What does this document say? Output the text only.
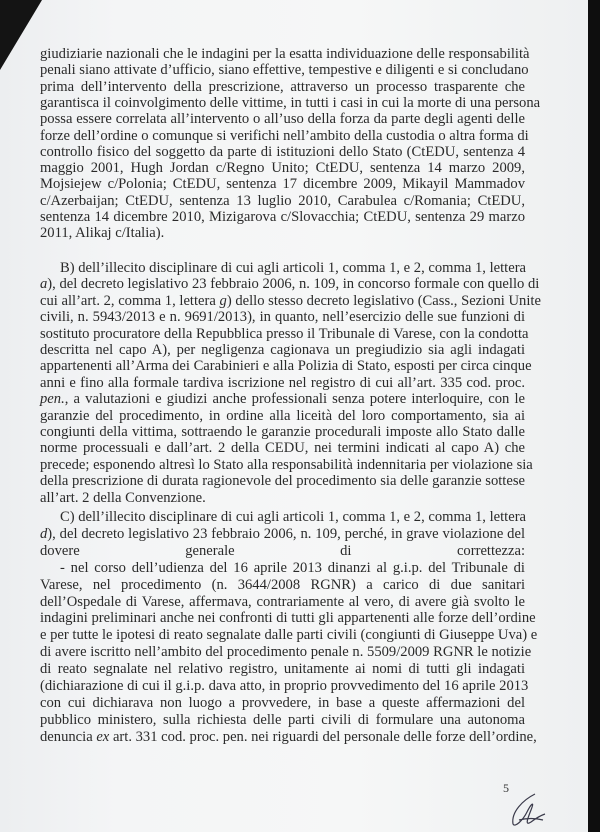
giudiziarie nazionali che le indagini per la esatta individuazione delle responsabilità
penali siano attivate d’ufficio, siano effettive, tempestive e diligenti e si concludano
prima dell’intervento della prescrizione, attraverso un processo trasparente che
garantisca il coinvolgimento delle vittime, in tutti i casi in cui la morte di una persona
possa essere correlata all’intervento o all’uso della forza da parte degli agenti delle
forze dell’ordine o comunque si verifichi nell’ambito della custodia o altra forma di
controllo fisico del soggetto da parte di istituzioni dello Stato (CtEDU, sentenza 4
maggio 2001, Hugh Jordan c/Regno Unito; CtEDU, sentenza 14 marzo 2009,
Mojsiejew c/Polonia; CtEDU, sentenza 17 dicembre 2009, Mikayil Mammadov
c/Azerbaijan; CtEDU, sentenza 13 luglio 2010, Carabulea c/Romania; CtEDU,
sentenza 14 dicembre 2010, Mizigarova c/Slovacchia; CtEDU, sentenza 29 marzo
2011, Alikaj c/Italia).
B) dell’illecito disciplinare di cui agli articoli 1, comma 1, e 2, comma 1, lettera
a), del decreto legislativo 23 febbraio 2006, n. 109, in concorso formale con quello di
cui all’art. 2, comma 1, lettera g) dello stesso decreto legislativo (Cass., Sezioni Unite
civili, n. 5943/2013 e n. 9691/2013), in quanto, nell’esercizio delle sue funzioni di
sostituto procuratore della Repubblica presso il Tribunale di Varese, con la condotta
descritta nel capo A), per negligenza cagionava un pregiudizio sia agli indagati
appartenenti all’Arma dei Carabinieri e alla Polizia di Stato, esposti per circa cinque
anni e fino alla formale tardiva iscrizione nel registro di cui all’art. 335 cod. proc.
pen., a valutazioni e giudizi anche professionali senza potere interloquire, con le
garanzie del procedimento, in ordine alla liceità del loro comportamento, sia ai
congiunti della vittima, sottraendo le garanzie procedurali imposte allo Stato dalle
norme processuali e dall’art. 2 della CEDU, nei termini indicati al capo A) che
precede; esponendo altresì lo Stato alla responsabilità indennitaria per violazione sia
della prescrizione di durata ragionevole del procedimento sia delle garanzie sottese
all’art. 2 della Convenzione.
C) dell’illecito disciplinare di cui agli articoli 1, comma 1, e 2, comma 1, lettera
d), del decreto legislativo 23 febbraio 2006, n. 109, perché, in grave violazione del
dovere generale di correttezza:
- nel corso dell’udienza del 16 aprile 2013 dinanzi al g.i.p. del Tribunale di
Varese, nel procedimento (n. 3644/2008 RGNR) a carico di due sanitari
dell’Ospedale di Varese, affermava, contrariamente al vero, di avere già svolto le
indagini preliminari anche nei confronti di tutti gli appartenenti alle forze dell’ordine
e per tutte le ipotesi di reato segnalate dalle parti civili (congiunti di Giuseppe Uva) e
di avere iscritto nell’ambito del procedimento penale n. 5509/2009 RGNR le notizie
di reato segnalate nel relativo registro, unitamente ai nomi di tutti gli indagati
(dichiarazione di cui il g.i.p. dava atto, in proprio provvedimento del 16 aprile 2013
con cui dichiarava non luogo a provvedere, in base a queste affermazioni del
pubblico ministero, sulla richiesta delle parti civili di formulare una autonoma
denuncia ex art. 331 cod. proc. pen. nei riguardi del personale delle forze dell’ordine,
5
